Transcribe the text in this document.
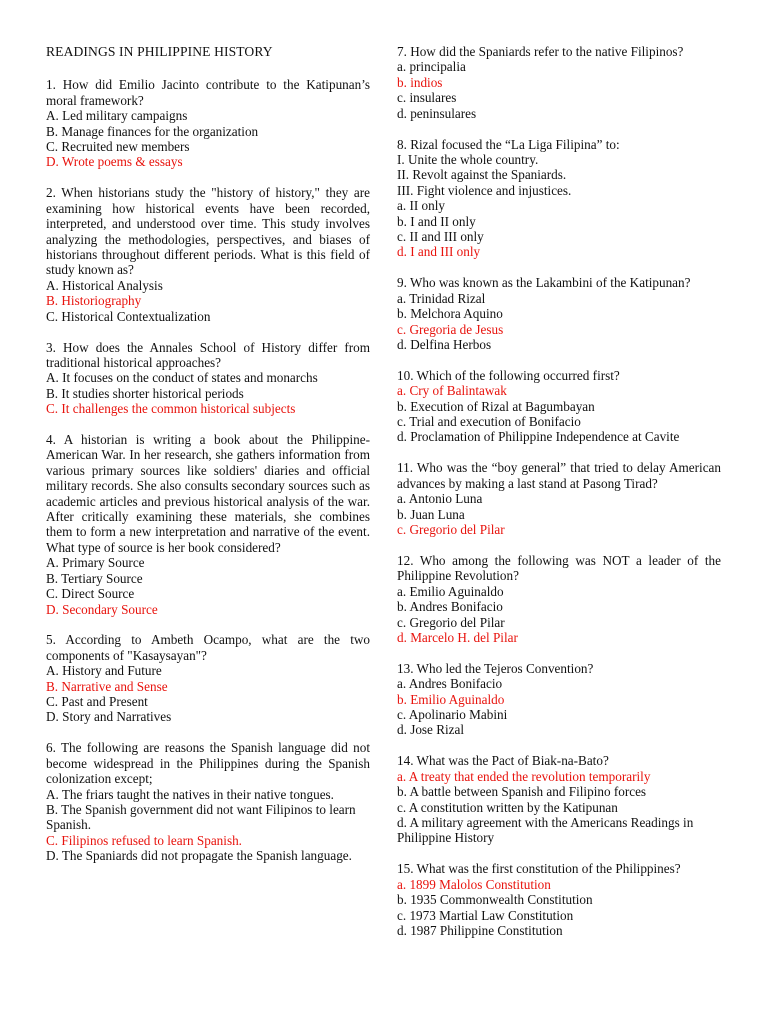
READINGS IN PHILIPPINE HISTORY
1. How did Emilio Jacinto contribute to the Katipunan’s moral framework?
A. Led military campaigns
B. Manage finances for the organization
C. Recruited new members
D. Wrote poems & essays
2. When historians study the "history of history," they are examining how historical events have been recorded, interpreted, and understood over time. This study involves analyzing the methodologies, perspectives, and biases of historians throughout different periods. What is this field of study known as?
A. Historical Analysis
B. Historiography
C. Historical Contextualization
3. How does the Annales School of History differ from traditional historical approaches?
A. It focuses on the conduct of states and monarchs
B. It studies shorter historical periods
C. It challenges the common historical subjects
4. A historian is writing a book about the Philippine-American War. In her research, she gathers information from various primary sources like soldiers' diaries and official military records. She also consults secondary sources such as academic articles and previous historical analysis of the war. After critically examining these materials, she combines them to form a new interpretation and narrative of the event. What type of source is her book considered?
A. Primary Source
B. Tertiary Source
C. Direct Source
D. Secondary Source
5. According to Ambeth Ocampo, what are the two components of "Kasaysayan"?
A. History and Future
B. Narrative and Sense
C. Past and Present
D. Story and Narratives
6. The following are reasons the Spanish language did not become widespread in the Philippines during the Spanish colonization except;
A. The friars taught the natives in their native tongues.
B. The Spanish government did not want Filipinos to learn Spanish.
C. Filipinos refused to learn Spanish.
D. The Spaniards did not propagate the Spanish language.
7. How did the Spaniards refer to the native Filipinos?
a. principalia
b. indios
c. insulares
d. peninsulares
8. Rizal focused the “La Liga Filipina” to:
I. Unite the whole country.
II. Revolt against the Spaniards.
III. Fight violence and injustices.
a. II only
b. I and II only
c. II and III only
d. I and III only
9. Who was known as the Lakambini of the Katipunan?
a. Trinidad Rizal
b. Melchora Aquino
c. Gregoria de Jesus
d. Delfina Herbos
10. Which of the following occurred first?
a. Cry of Balintawak
b. Execution of Rizal at Bagumbayan
c. Trial and execution of Bonifacio
d. Proclamation of Philippine Independence at Cavite
11. Who was the “boy general” that tried to delay American advances by making a last stand at Pasong Tirad?
a. Antonio Luna
b. Juan Luna
c. Gregorio del Pilar
12. Who among the following was NOT a leader of the Philippine Revolution?
a. Emilio Aguinaldo
b. Andres Bonifacio
c. Gregorio del Pilar
d. Marcelo H. del Pilar
13. Who led the Tejeros Convention?
a. Andres Bonifacio
b. Emilio Aguinaldo
c. Apolinario Mabini
d. Jose Rizal
14. What was the Pact of Biak-na-Bato?
a. A treaty that ended the revolution temporarily
b. A battle between Spanish and Filipino forces
c. A constitution written by the Katipunan
d. A military agreement with the Americans Readings in Philippine History
15. What was the first constitution of the Philippines?
a. 1899 Malolos Constitution
b. 1935 Commonwealth Constitution
c. 1973 Martial Law Constitution
d. 1987 Philippine Constitution
